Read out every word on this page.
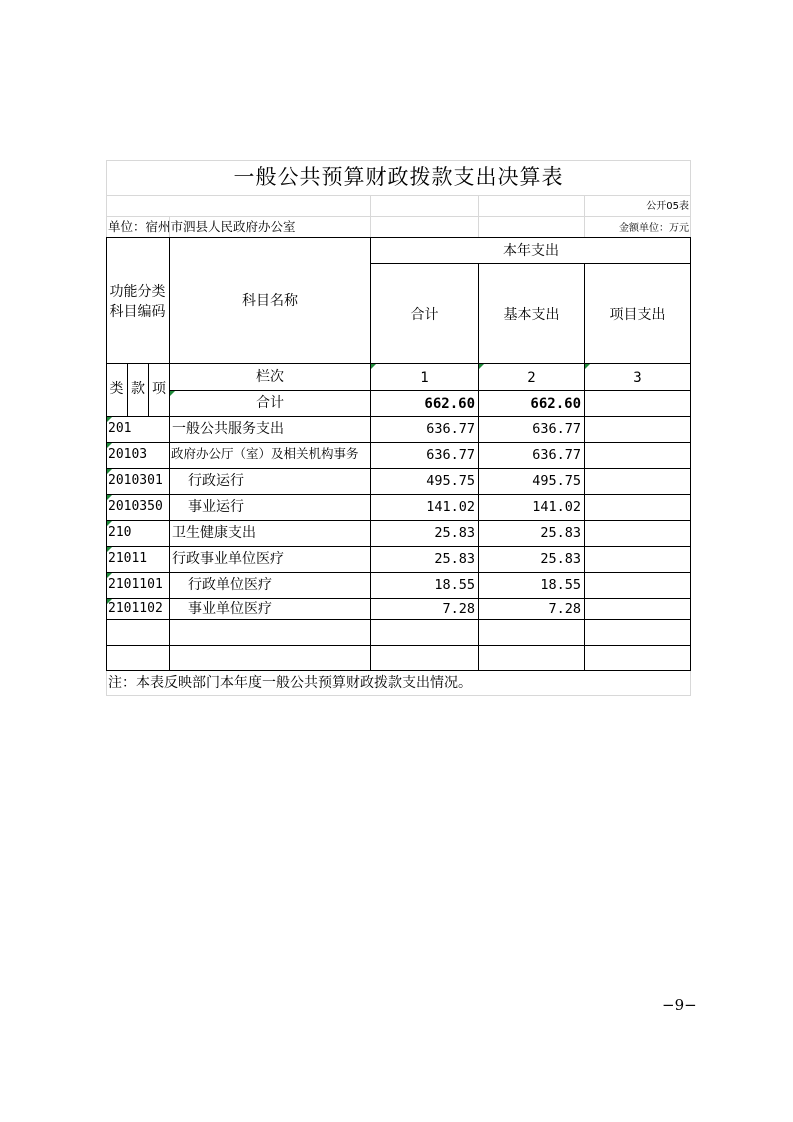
一般公共预算财政拨款支出决算表
公开05表
单位：宿州市泗县人民政府办公室	金额单位：万元
功能分类
科目编码
科目名称
本年支出
合计	基本支出	项目支出
类 款 项
栏次	1	2	3
合计	662.60	662.60
201	一般公共服务支出	636.77	636.77
20103 政府办公厅（室）及相关机构事务	636.77	636.77
2010301 行政运行	495.75	495.75
2010350 事业运行	141.02	141.02
210	卫生健康支出	25.83	25.83
21011 行政事业单位医疗	25.83	25.83
2101101 行政单位医疗	18.55	18.55
2101102 事业单位医疗	7.28	7.28
注：本表反映部门本年度一般公共预算财政拨款支出情况。
−9−
